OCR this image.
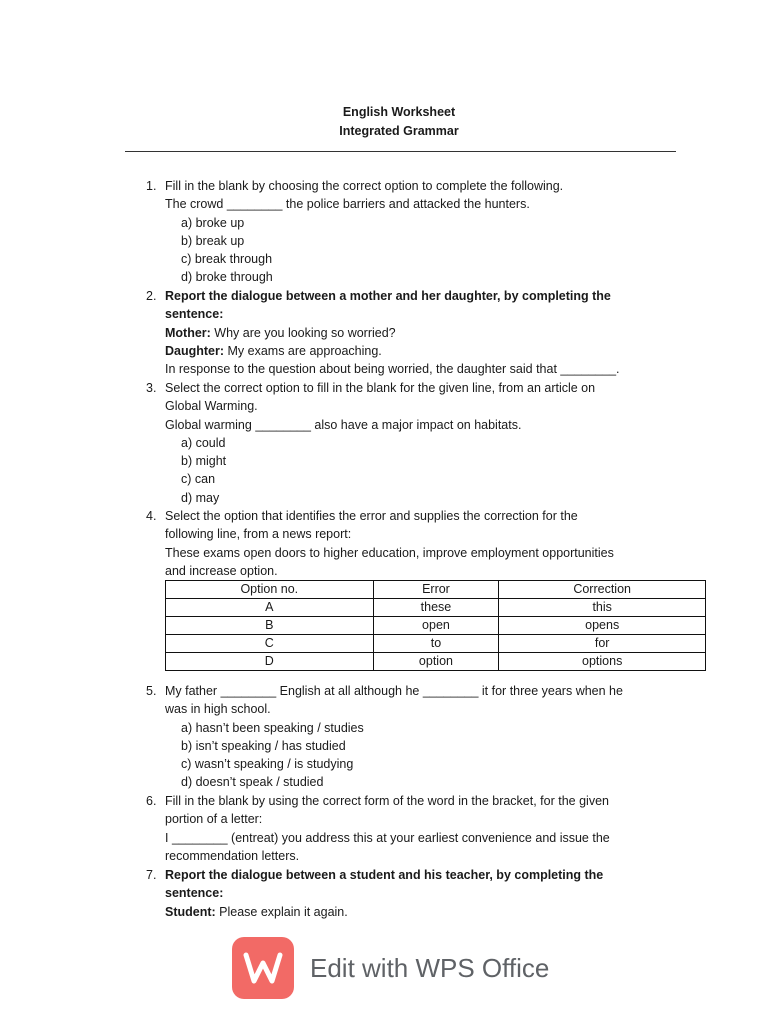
English Worksheet
Integrated Grammar
1. Fill in the blank by choosing the correct option to complete the following.
The crowd ________ the police barriers and attacked the hunters.
a) broke up
b) break up
c) break through
d) broke through
2. Report the dialogue between a mother and her daughter, by completing the
sentence:
Mother: Why are you looking so worried?
Daughter: My exams are approaching.
In response to the question about being worried, the daughter said that ________.
3. Select the correct option to fill in the blank for the given line, from an article on
Global Warming.
Global warming ________ also have a major impact on habitats.
a) could
b) might
c) can
d) may
4. Select the option that identifies the error and supplies the correction for the
following line, from a news report:
These exams open doors to higher education, improve employment opportunities
and increase option.
Option no.	Error	Correction
A	these	this
B	open	opens
C	to	for
D	option	options
5. My father ________ English at all although he ________ it for three years when he
was in high school.
a) hasn’t been speaking / studies
b) isn’t speaking / has studied
c) wasn’t speaking / is studying
d) doesn’t speak / studied
6. Fill in the blank by using the correct form of the word in the bracket, for the given
portion of a letter:
I ________ (entreat) you address this at your earliest convenience and issue the
recommendation letters.
7. Report the dialogue between a student and his teacher, by completing the
sentence:
Student: Please explain it again.
Edit with WPS Office
